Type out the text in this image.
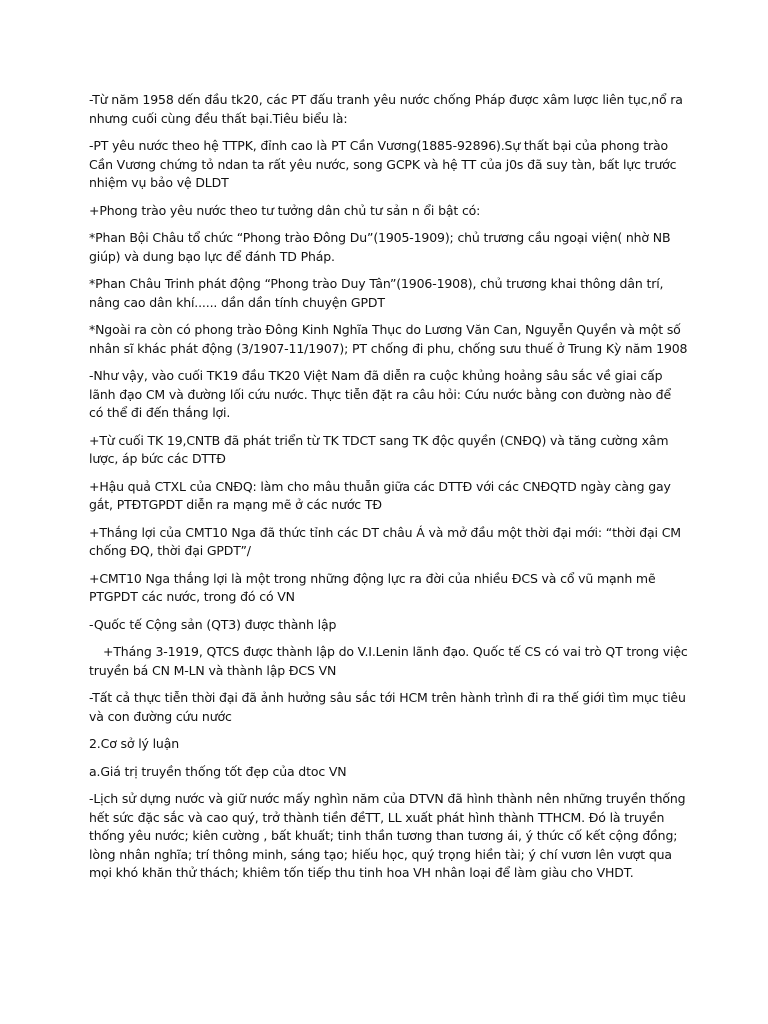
-Từ năm 1958 dến đầu tk20, các PT đấu tranh yêu nước chống Pháp được xâm lược liên tục,nổ ra nhưng cuối cùng đều thất bại.Tiêu biểu là:

-PT yêu nước theo hệ TTPK, đỉnh cao là PT Cần Vương(1885-92896).Sự thất bại của phong trào Cần Vương chứng tỏ ndan ta rất yêu nước, song GCPK và hệ TT của j0s đã suy tàn, bất lực trước nhiệm vụ bảo vệ DLDT

+Phong trào yêu nước theo tư tưởng dân chủ tư sản n ổi bật có:

*Phan Bội Châu tổ chức “Phong trào Đông Du”(1905-1909); chủ trương cầu ngoại viện( nhờ NB giúp) và dung bạo lực để đánh TD Pháp.

*Phan Châu Trinh phát động “Phong trào Duy Tân”(1906-1908), chủ trương khai thông dân trí, nâng cao dân khí...... dần dần tính chuyện GPDT

*Ngoài ra còn có phong trào Đông Kinh Nghĩa Thục do Lương Văn Can, Nguyễn Quyền và một số nhân sĩ khác phát động (3/1907-11/1907); PT chống đi phu, chống sưu thuế ở Trung Kỳ năm 1908

-Như vậy, vào cuối TK19 đầu TK20 Việt Nam đã diễn ra cuộc khủng hoảng sâu sắc về giai cấp lãnh đạo CM và đường lối cứu nước. Thực tiễn đặt ra câu hỏi: Cứu nước bằng con đường nào để có thể đi đến thắng lợi.

+Từ cuối TK 19,CNTB đã phát triển từ TK TDCT sang TK độc quyền (CNĐQ) và tăng cường xâm lược, áp bức các DTTĐ

+Hậu quả CTXL của CNĐQ: làm cho mâu thuẫn giữa các DTTĐ với các CNĐQTD ngày càng gay gắt, PTĐTGPDT diễn ra mạng mẽ ở các nước TĐ

+Thắng lợi của CMT10 Nga đã thức tỉnh các DT châu Á và mở đầu một thời đại mới: “thời đại CM chống ĐQ, thời đại GPDT”/

+CMT10 Nga thắng lợi là một trong những động lực ra đời của nhiều ĐCS và cổ vũ mạnh mẽ PTGPDT các nước, trong đó có VN

-Quốc tế Cộng sản (QT3) được thành lập

+Tháng 3-1919, QTCS được thành lập do V.I.Lenin lãnh đạo. Quốc tế CS có vai trò QT trong việc truyền bá CN M-LN và thành lập ĐCS VN

-Tất cả thực tiễn thời đại đã ảnh hưởng sâu sắc tới HCM trên hành trình đi ra thế giới tìm mục tiêu và con đường cứu nước

2.Cơ sở lý luận

a.Giá trị truyền thống tốt đẹp của dtoc VN

-Lịch sử dựng nước và giữ nước mấy nghìn năm của DTVN đã hình thành nên những truyền thống hết sức đặc sắc và cao quý, trở thành tiền đềTT, LL xuất phát hình thành TTHCM. Đó là truyền thống yêu nước; kiên cường , bất khuất; tinh thần tương than tương ái, ý thức cố kết cộng đồng; lòng nhân nghĩa; trí thông minh, sáng tạo; hiếu học, quý trọng hiền tài; ý chí vươn lên vượt qua mọi khó khăn thử thách; khiêm tốn tiếp thu tinh hoa VH nhân loại để làm giàu cho VHDT.
